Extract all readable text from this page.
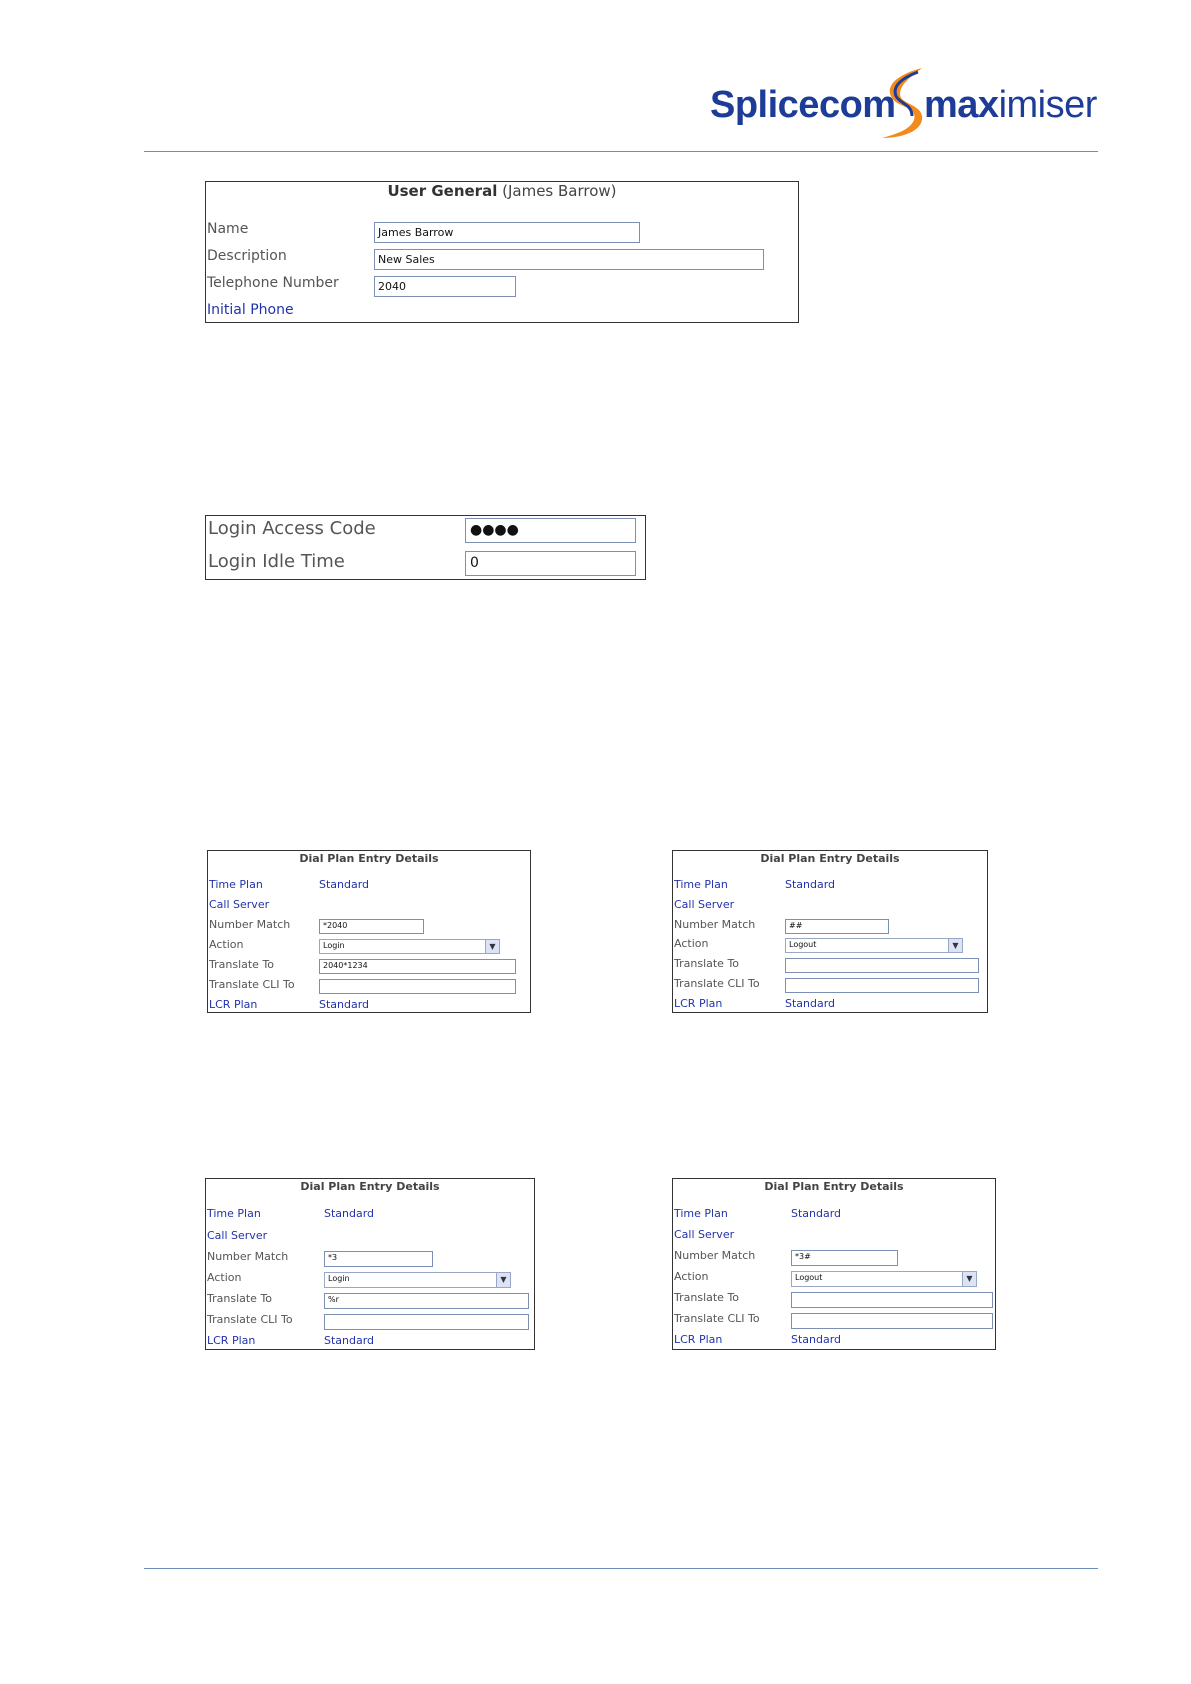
Splicecom maximiser
User General (James Barrow)
Name	James Barrow
Description	New Sales
Telephone Number	2040
Initial Phone
Login Access Code	●●●●
Login Idle Time	0
Dial Plan Entry Details
Time Plan	Standard
Call Server
Number Match	*2040
Action	Login	▼
Translate To	2040*1234
Translate CLI To
LCR Plan	Standard
Dial Plan Entry Details
Time Plan	Standard
Call Server
Number Match	##
Action	Logout	▼
Translate To
Translate CLI To
LCR Plan	Standard
Dial Plan Entry Details
Time Plan	Standard
Call Server
Number Match	*3
Action	Login	▼
Translate To	%r
Translate CLI To
LCR Plan	Standard
Dial Plan Entry Details
Time Plan	Standard
Call Server
Number Match	*3#
Action	Logout	▼
Translate To
Translate CLI To
LCR Plan	Standard
